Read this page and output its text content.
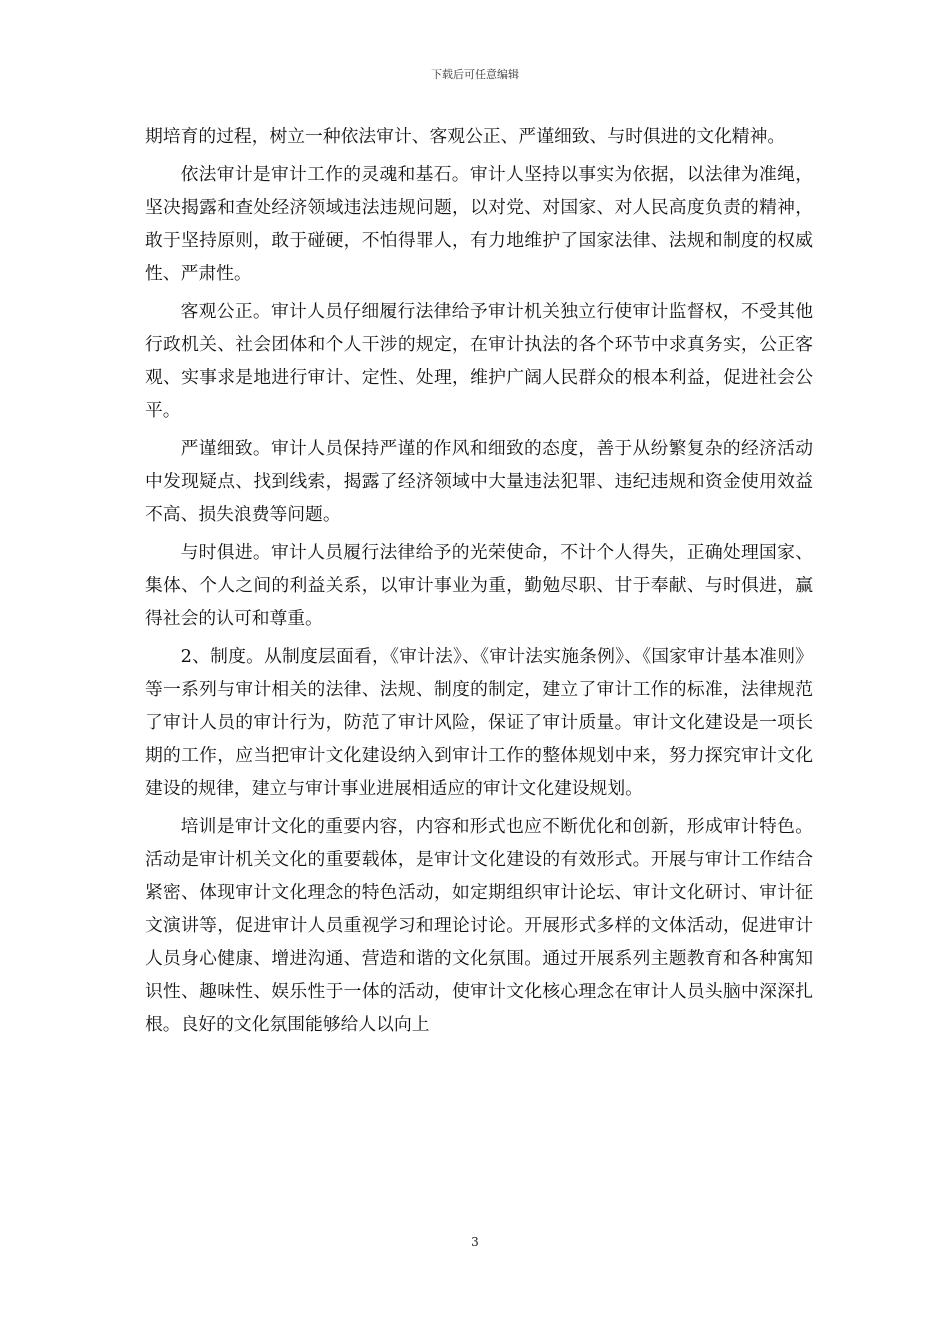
下载后可任意编辑

期培育的过程，树立一种依法审计、客观公正、严谨细致、与时俱进的文化精神。

依法审计是审计工作的灵魂和基石。审计人坚持以事实为依据，以法律为准绳，坚决揭露和查处经济领域违法违规问题，以对党、对国家、对人民高度负责的精神，敢于坚持原则，敢于碰硬，不怕得罪人，有力地维护了国家法律、法规和制度的权威性、严肃性。

客观公正。审计人员仔细履行法律给予审计机关独立行使审计监督权，不受其他行政机关、社会团体和个人干涉的规定，在审计执法的各个环节中求真务实，公正客观、实事求是地进行审计、定性、处理，维护广阔人民群众的根本利益，促进社会公平。

严谨细致。审计人员保持严谨的作风和细致的态度，善于从纷繁复杂的经济活动中发现疑点、找到线索，揭露了经济领域中大量违法犯罪、违纪违规和资金使用效益不高、损失浪费等问题。

与时俱进。审计人员履行法律给予的光荣使命，不计个人得失，正确处理国家、集体、个人之间的利益关系，以审计事业为重，勤勉尽职、甘于奉献、与时俱进，赢得社会的认可和尊重。

2、制度。从制度层面看，《审计法》、《审计法实施条例》、《国家审计基本准则》等一系列与审计相关的法律、法规、制度的制定，建立了审计工作的标准，法律规范了审计人员的审计行为，防范了审计风险，保证了审计质量。审计文化建设是一项长期的工作，应当把审计文化建设纳入到审计工作的整体规划中来，努力探究审计文化建设的规律，建立与审计事业进展相适应的审计文化建设规划。

培训是审计文化的重要内容，内容和形式也应不断优化和创新，形成审计特色。活动是审计机关文化的重要载体，是审计文化建设的有效形式。开展与审计工作结合紧密、体现审计文化理念的特色活动，如定期组织审计论坛、审计文化研讨、审计征文演讲等，促进审计人员重视学习和理论讨论。开展形式多样的文体活动，促进审计人员身心健康、增进沟通、营造和谐的文化氛围。通过开展系列主题教育和各种寓知识性、趣味性、娱乐性于一体的活动，使审计文化核心理念在审计人员头脑中深深扎根。良好的文化氛围能够给人以向上

3
